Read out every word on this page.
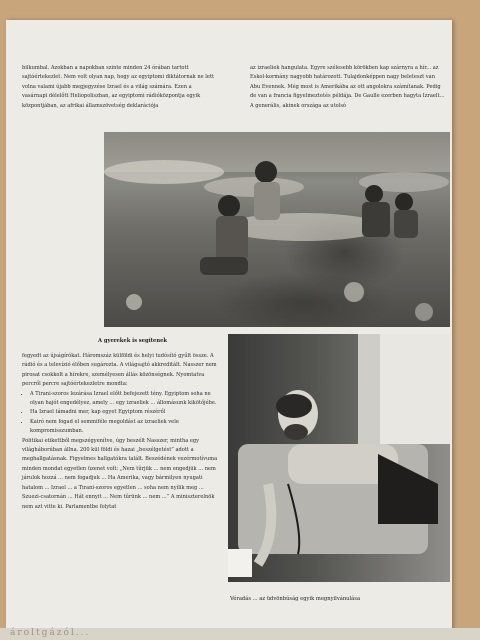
bilkumbal. Azokban a napokban szinte minden 24 órában tartott sajtóértekezlet. Nem volt olyan nap, hogy az egyiptomi diktátornak ne lett volna valami újabb megjegyzése Izrael és a világ számára. Ezen a vasárnapi délelőtt Heliopoliszban, az egyiptomi rádióközpontja egyik központjában, az afrikai államszövetség deklarációja

az izraeliek hangulata. Egyre szélesebb körökben kap szárnyra a hír... az Eskol-kormány nagyobb határozott. Tulajdonképpen nagy beleteszt van Abu Evennek. Még most is Amerikába az ott angolokra számítanak. Pedig de van a francia figyelmeztetés példája. De Gaulle ezerben hagyta Izraelt... A generális, akinek országa az utolsó

A gyerekek is segítenek

fegyedt az újságírókat. Háromszáz külföldi és helyi tudósító gyűlt össze. A rádió és a televízió élőben sugározta. A világsajtó akkreditált. Nasszer nem pirosat csokkolt a hírekre, személyesen állás közönségnek. Nyomtatva percről percre sajtóértekezletre mondta:

• A Tirani-szoros lezárása Izrael előtt befejezett tény. Egyiptom soha ne olyan hajót engedélyez, amely ... egy izraeliek ... állomásunk kikötőjébe.
• Ha Izrael támadni mer, kap egyet Egyiptom részéről
• Kairó nem fogad el semmiféle megoldást az izraeliek vele kompromisszumban.

Politikai etikettből megszégyenítve, úgy beszélt Nasszer, mintha egy világháborúban állna. 200 kül földi és hazai „beszélgetést” adott a meghallgatásnak. Figyelmes hallgatókra talált. Beszédének vezérmotívuma minden mondat egyetlen üzenet volt: „Nem tűrjük ... nem engedjük ... nem járulok hozzá ... nem fogadjuk ... Ha Amerika, vagy bármilyen nyugati hatalom ... Izrael ... a Tirani-szoros egyetlen ... soha nem nyílik meg ... Szuezi-csatornán ... Hát ennyit ... Nem tűrünk ... nem ...” A miniszterelnök nem azt vitte ki. Parlamentbe folytat

Véradás ... az üdvönbúság egyik megnyilvánulása
ároltgázól...
